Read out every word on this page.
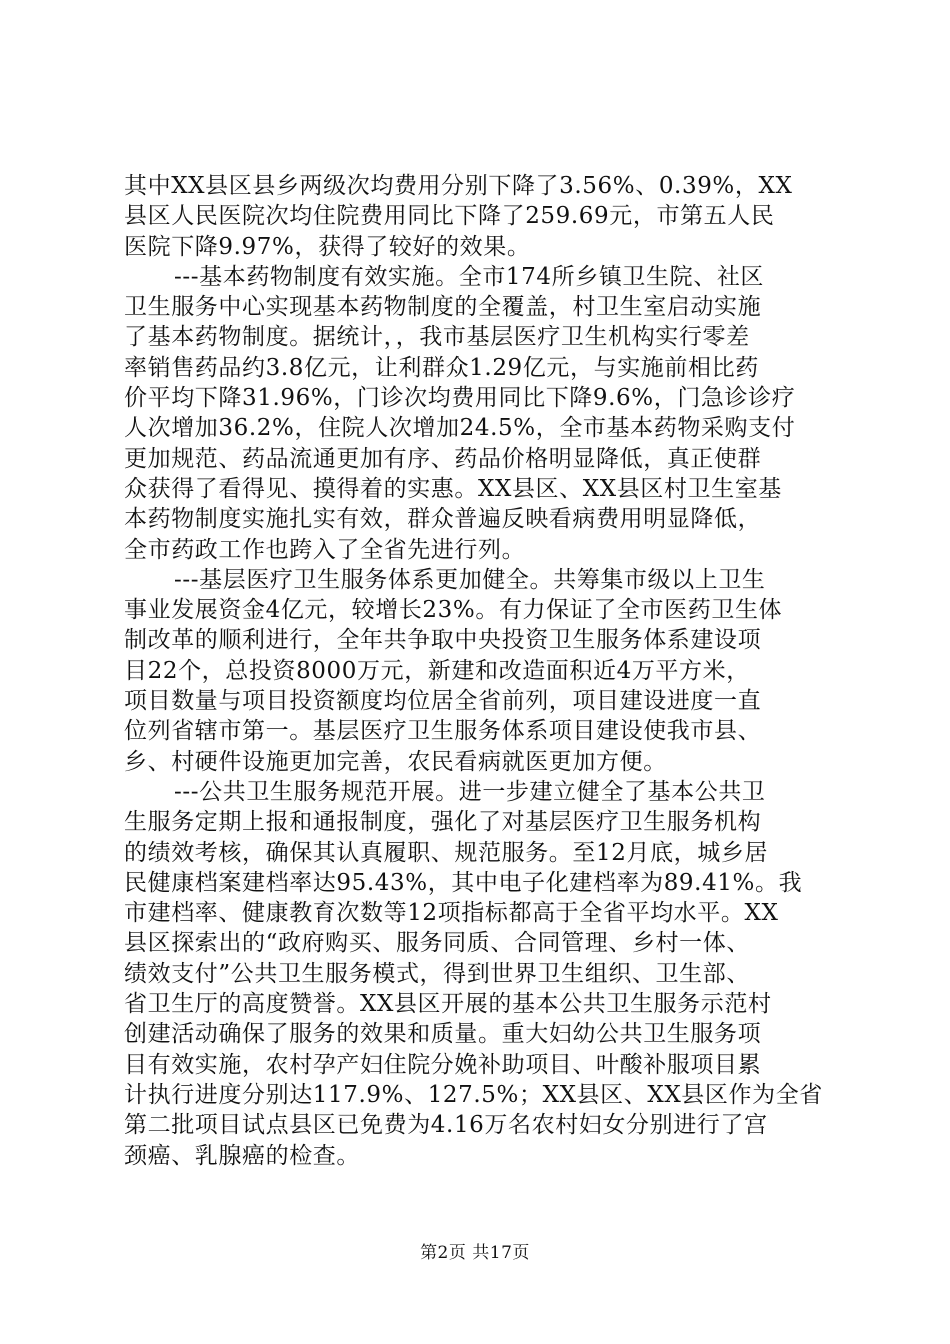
其中XX县区县乡两级次均费用分别下降了3.56%、0.39%，XX
县区人民医院次均住院费用同比下降了259.69元，市第五人民
医院下降9.97%，获得了较好的效果。
---基本药物制度有效实施。全市174所乡镇卫生院、社区
卫生服务中心实现基本药物制度的全覆盖，村卫生室启动实施
了基本药物制度。据统计，，我市基层医疗卫生机构实行零差
率销售药品约3.8亿元，让利群众1.29亿元，与实施前相比药
价平均下降31.96%，门诊次均费用同比下降9.6%，门急诊诊疗
人次增加36.2%，住院人次增加24.5%，全市基本药物采购支付
更加规范、药品流通更加有序、药品价格明显降低，真正使群
众获得了看得见、摸得着的实惠。XX县区、XX县区村卫生室基
本药物制度实施扎实有效，群众普遍反映看病费用明显降低，
全市药政工作也跨入了全省先进行列。
---基层医疗卫生服务体系更加健全。共筹集市级以上卫生
事业发展资金4亿元，较增长23%。有力保证了全市医药卫生体
制改革的顺利进行，全年共争取中央投资卫生服务体系建设项
目22个，总投资8000万元，新建和改造面积近4万平方米，
项目数量与项目投资额度均位居全省前列，项目建设进度一直
位列省辖市第一。基层医疗卫生服务体系项目建设使我市县、
乡、村硬件设施更加完善，农民看病就医更加方便。
---公共卫生服务规范开展。进一步建立健全了基本公共卫
生服务定期上报和通报制度，强化了对基层医疗卫生服务机构
的绩效考核，确保其认真履职、规范服务。至12月底，城乡居
民健康档案建档率达95.43%，其中电子化建档率为89.41%。我
市建档率、健康教育次数等12项指标都高于全省平均水平。XX
县区探索出的“政府购买、服务同质、合同管理、乡村一体、
绩效支付”公共卫生服务模式，得到世界卫生组织、卫生部、
省卫生厅的高度赞誉。XX县区开展的基本公共卫生服务示范村
创建活动确保了服务的效果和质量。重大妇幼公共卫生服务项
目有效实施，农村孕产妇住院分娩补助项目、叶酸补服项目累
计执行进度分别达117.9%、127.5%；XX县区、XX县区作为全省
第二批项目试点县区已免费为4.16万名农村妇女分别进行了宫
颈癌、乳腺癌的检查。
第2页 共17页
